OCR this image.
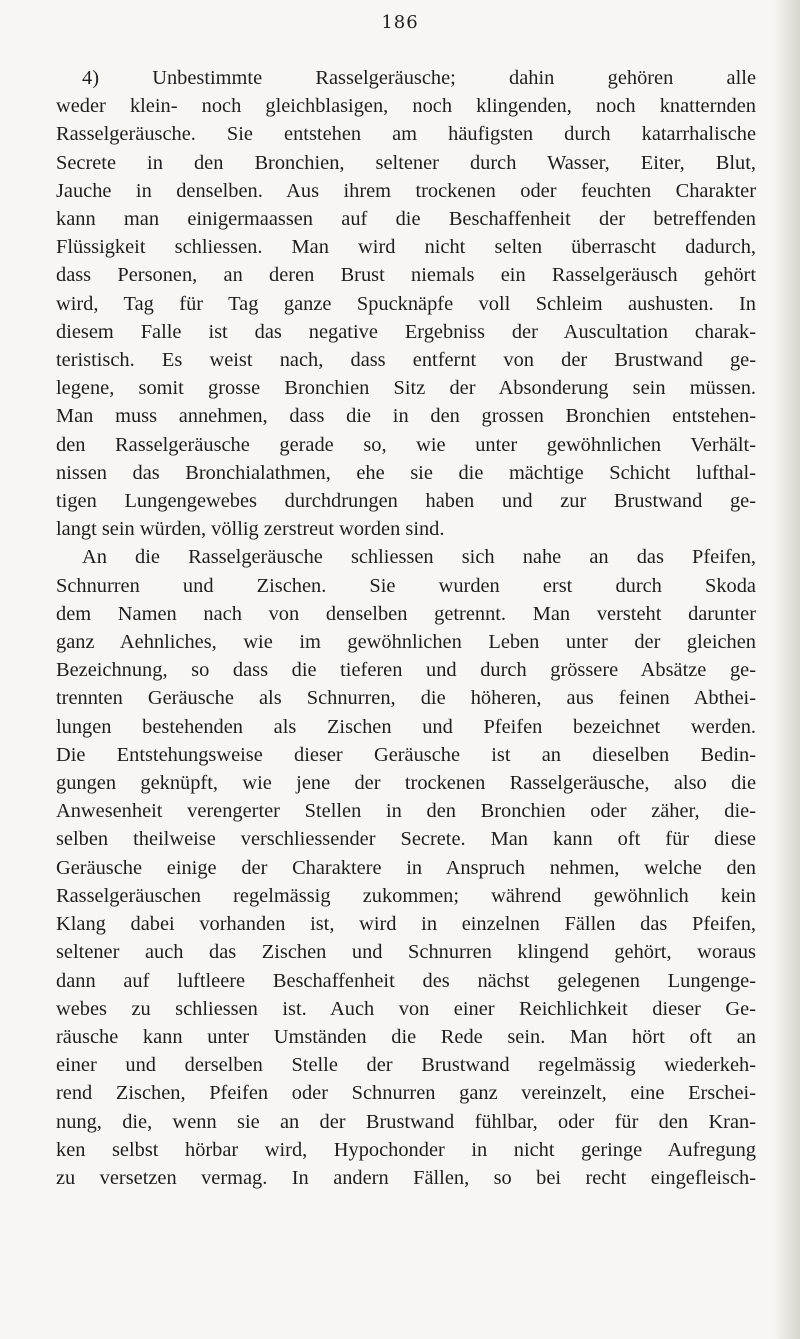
186
4) Unbestimmte Rasselgeräusche; dahin gehören alle
weder klein- noch gleichblasigen, noch klingenden, noch knatternden
Rasselgeräusche. Sie entstehen am häufigsten durch katarrhalische
Secrete in den Bronchien, seltener durch Wasser, Eiter, Blut,
Jauche in denselben. Aus ihrem trockenen oder feuchten Charakter
kann man einigermaassen auf die Beschaffenheit der betreffenden
Flüssigkeit schliessen. Man wird nicht selten überrascht dadurch,
dass Personen, an deren Brust niemals ein Rasselgeräusch gehört
wird, Tag für Tag ganze Spucknäpfe voll Schleim aushusten. In
diesem Falle ist das negative Ergebniss der Auscultation charak-
teristisch. Es weist nach, dass entfernt von der Brustwand ge-
legene, somit grosse Bronchien Sitz der Absonderung sein müssen.
Man muss annehmen, dass die in den grossen Bronchien entstehen-
den Rasselgeräusche gerade so, wie unter gewöhnlichen Verhält-
nissen das Bronchialathmen, ehe sie die mächtige Schicht lufthal-
tigen Lungengewebes durchdrungen haben und zur Brustwand ge-
langt sein würden, völlig zerstreut worden sind.
An die Rasselgeräusche schliessen sich nahe an das Pfeifen,
Schnurren und Zischen. Sie wurden erst durch Skoda
dem Namen nach von denselben getrennt. Man versteht darunter
ganz Aehnliches, wie im gewöhnlichen Leben unter der gleichen
Bezeichnung, so dass die tieferen und durch grössere Absätze ge-
trennten Geräusche als Schnurren, die höheren, aus feinen Abthei-
lungen bestehenden als Zischen und Pfeifen bezeichnet werden.
Die Entstehungsweise dieser Geräusche ist an dieselben Bedin-
gungen geknüpft, wie jene der trockenen Rasselgeräusche, also die
Anwesenheit verengerter Stellen in den Bronchien oder zäher, die-
selben theilweise verschliessender Secrete. Man kann oft für diese
Geräusche einige der Charaktere in Anspruch nehmen, welche den
Rasselgeräuschen regelmässig zukommen; während gewöhnlich kein
Klang dabei vorhanden ist, wird in einzelnen Fällen das Pfeifen,
seltener auch das Zischen und Schnurren klingend gehört, woraus
dann auf luftleere Beschaffenheit des nächst gelegenen Lungenge-
webes zu schliessen ist. Auch von einer Reichlichkeit dieser Ge-
räusche kann unter Umständen die Rede sein. Man hört oft an
einer und derselben Stelle der Brustwand regelmässig wiederkeh-
rend Zischen, Pfeifen oder Schnurren ganz vereinzelt, eine Erschei-
nung, die, wenn sie an der Brustwand fühlbar, oder für den Kran-
ken selbst hörbar wird, Hypochonder in nicht geringe Aufregung
zu versetzen vermag. In andern Fällen, so bei recht eingefleisch-
